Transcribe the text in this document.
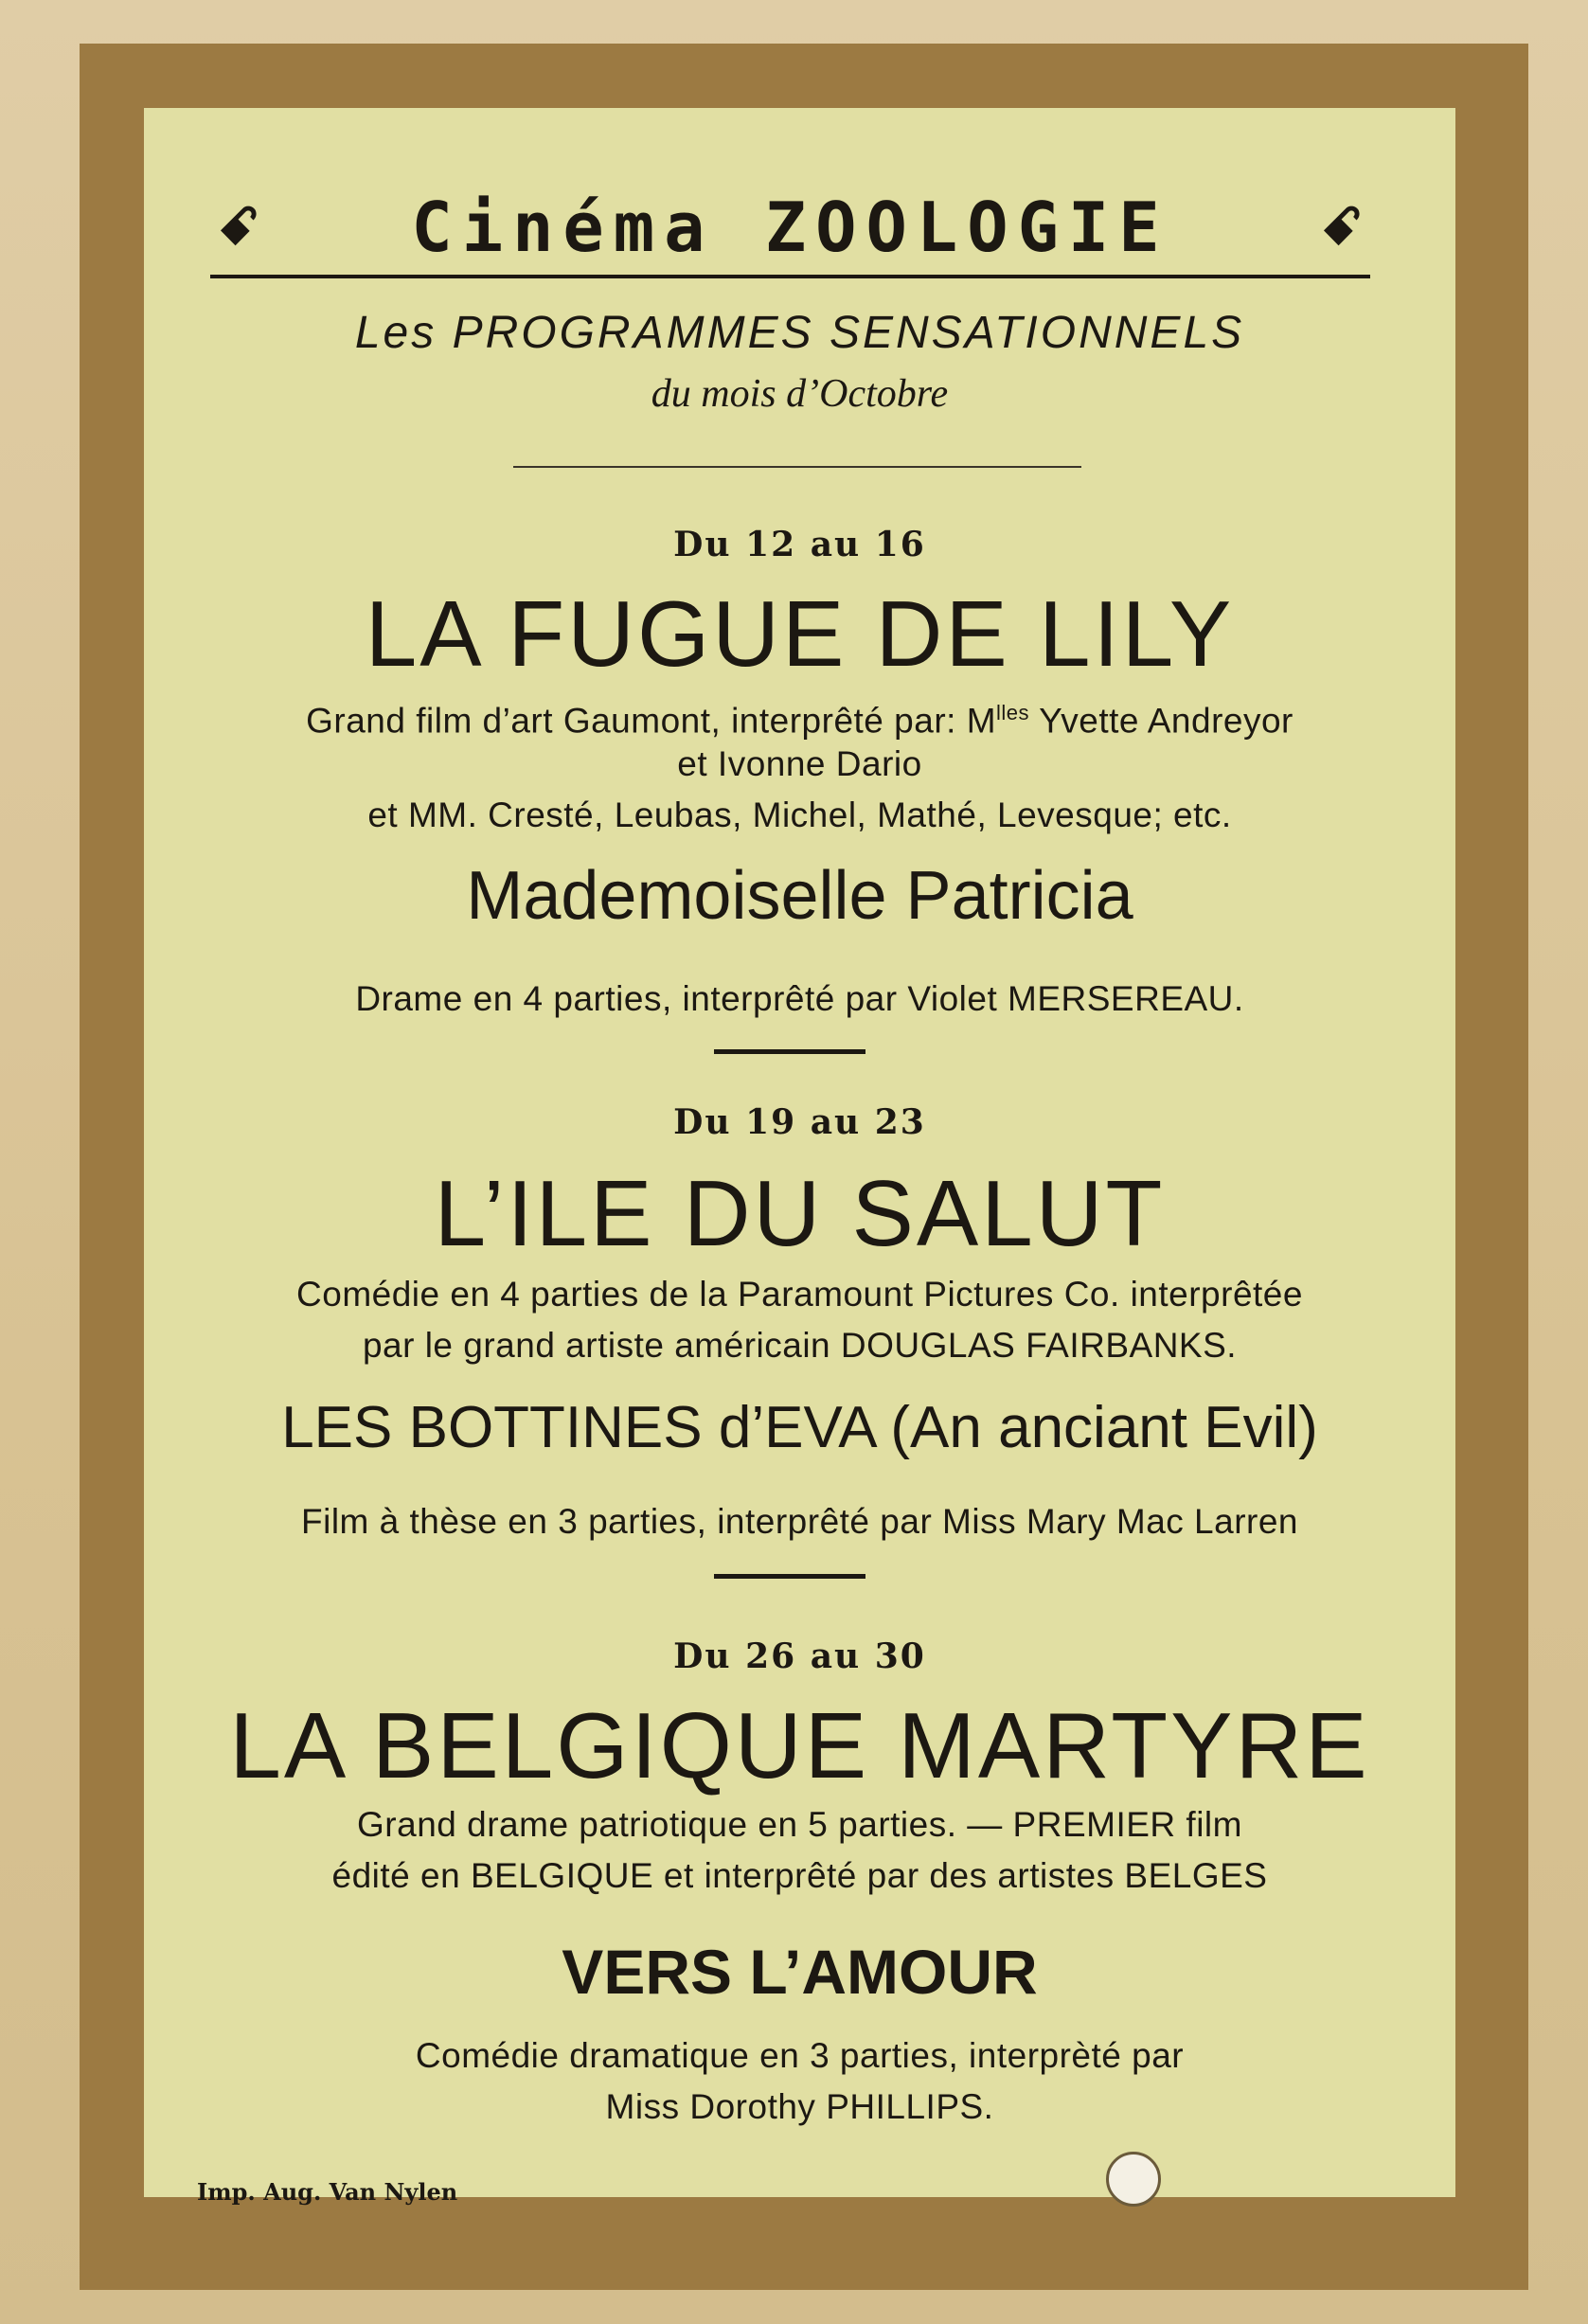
ꗃ	Cinéma ZOOLOGIE	ꗃ
Les PROGRAMMES SENSATIONNELS
du mois d’Octobre
Du 12 au 16
LA FUGUE DE LILY
Grand film d’art Gaumont, interprêté par: $M^{lles}$ Yvette Andreyor
et Ivonne Dario
et MM. Cresté, Leubas, Michel, Mathé, Levesque; etc.
Mademoiselle Patricia
Drame en 4 parties, interprêté par Violet MERSEREAU.
Du 19 au 23
L’ILE DU SALUT
Comédie en 4 parties de la Paramount Pictures Co. interprêtée
par le grand artiste américain DOUGLAS FAIRBANKS.
LES BOTTINES d’EVA (An anciant Evil)
Film à thèse en 3 parties, interprêté par Miss Mary Mac Larren
Du 26 au 30
LA BELGIQUE MARTYRE
Grand drame patriotique en 5 parties. — PREMIER film
édité en BELGIQUE et interprêté par des artistes BELGES
VERS L’AMOUR
Comédie dramatique en 3 parties, interprèté par
Miss Dorothy PHILLIPS.
Imp. Aug. Van Nylen
